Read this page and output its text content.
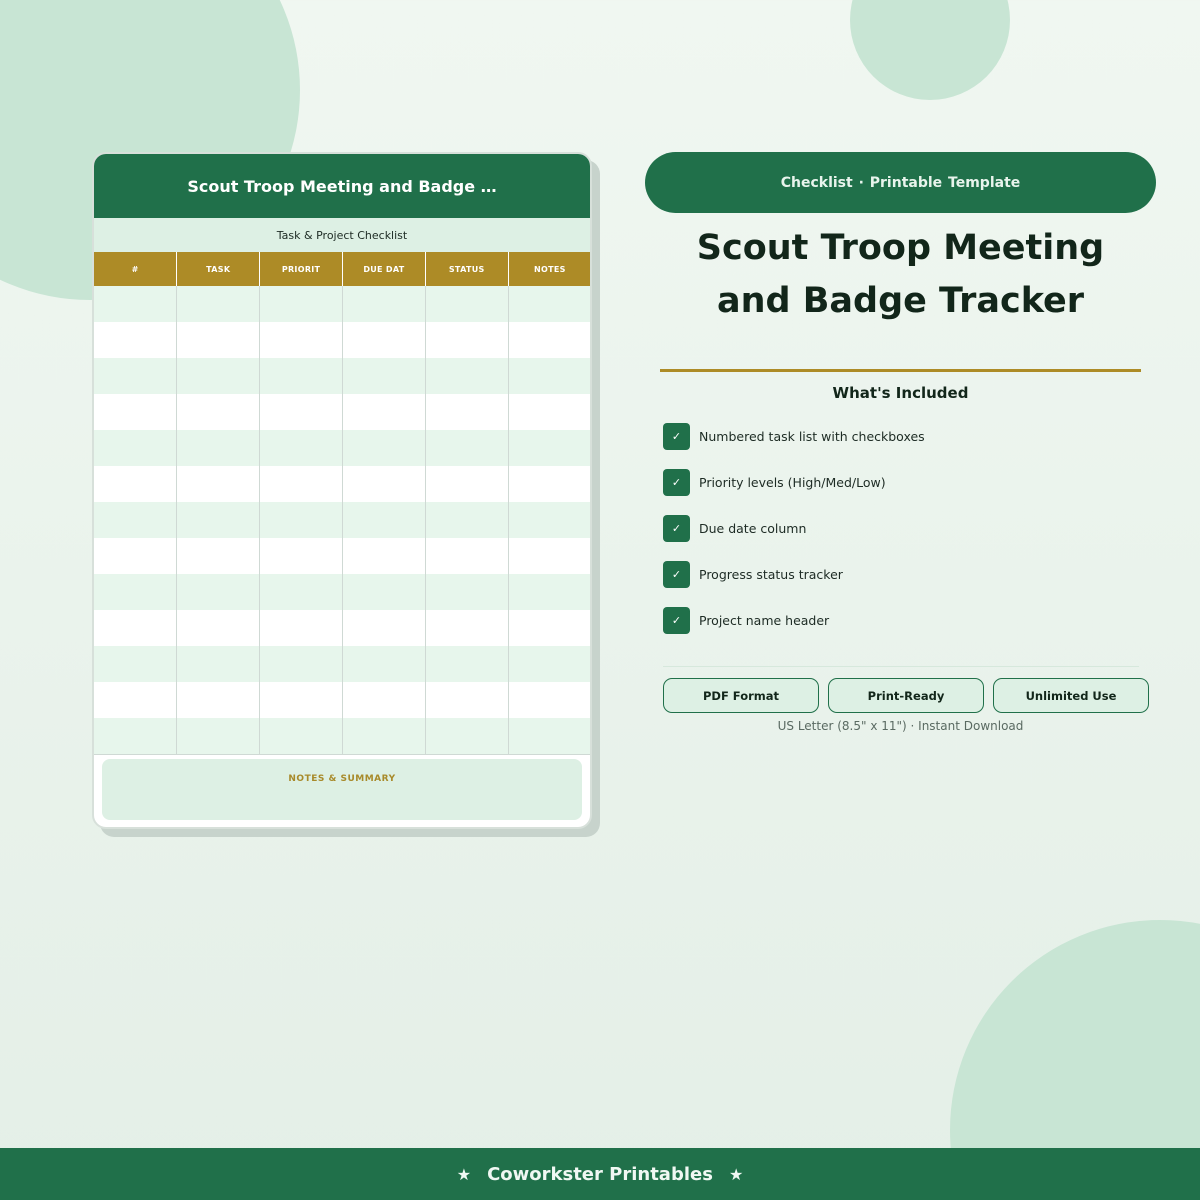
Scout Troop Meeting and Badge …
Task & Project Checklist
#	TASK	PRIORIT	DUE DAT	STATUS	NOTES

NOTES & SUMMARY
Checklist · Printable Template
Scout Troop Meeting
and Badge Tracker
What's Included
✓	Numbered task list with checkboxes
✓	Priority levels (High/Med/Low)
✓	Due date column
✓	Progress status tracker
✓	Project name header
PDF Format	Print-Ready	Unlimited Use
US Letter (8.5" x 11") · Instant Download
★ Coworkster Printables ★
